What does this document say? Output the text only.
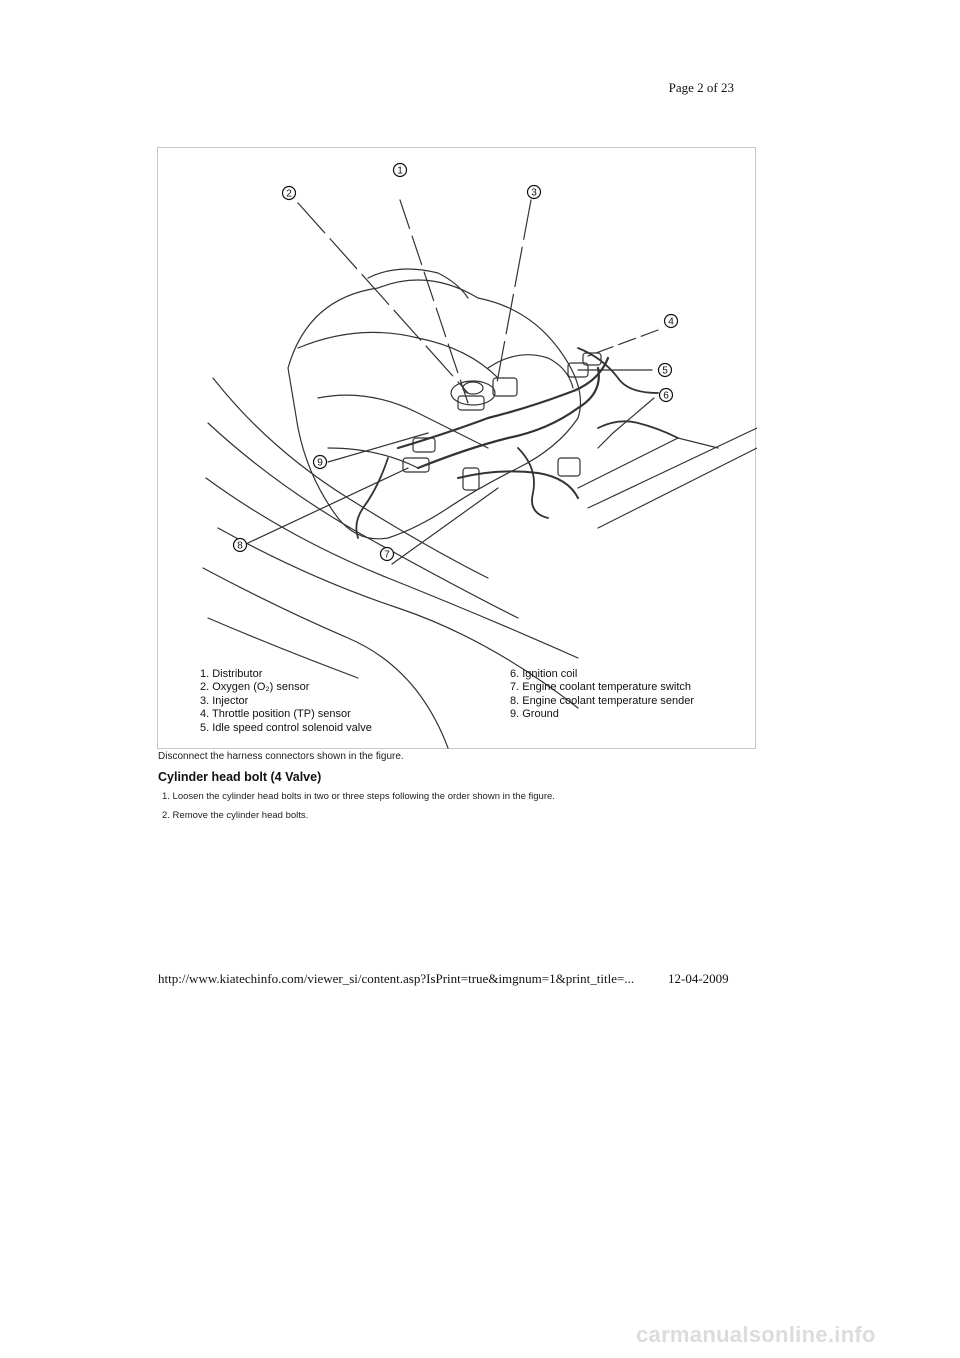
Page 2 of 23
1
2	3
4
5
6
7
8
9
1. Distributor
2. Oxygen (O₂) sensor
3. Injector
4. Throttle position (TP) sensor
5. Idle speed control solenoid valve
6. Ignition coil
7. Engine coolant temperature switch
8. Engine coolant temperature sender
9. Ground
Disconnect the harness connectors shown in the figure.
Cylinder head bolt (4 Valve)
1. Loosen the cylinder head bolts in two or three steps following the order shown in the figure.
2. Remove the cylinder head bolts.
http://www.kiatechinfo.com/viewer_si/content.asp?IsPrint=true&imgnum=1&print_title=...	12-04-2009
carmanualsonline.info
